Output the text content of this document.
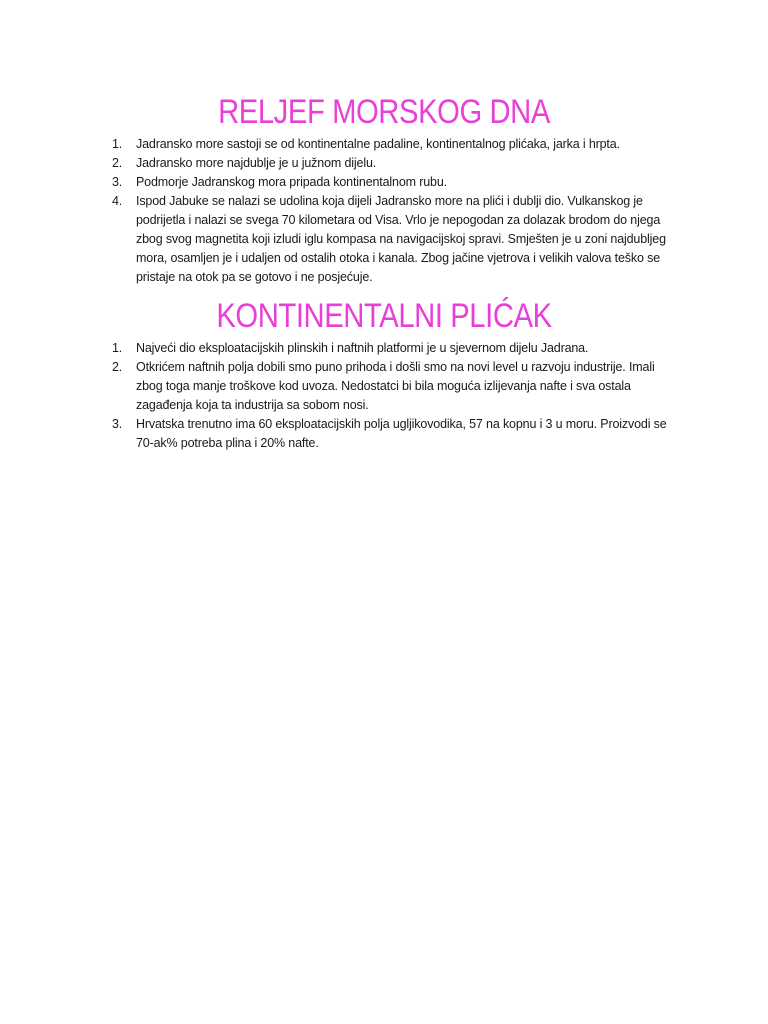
RELJEF MORSKOG DNA
1. Jadransko more sastoji se od kontinentalne padaline, kontinentalnog plićaka, jarka i hrpta.
2. Jadransko more najdublje je u južnom dijelu.
3. Podmorje Jadranskog mora pripada kontinentalnom rubu.
4. Ispod Jabuke se nalazi se udolina koja dijeli Jadransko more na plići i dublji dio. Vulkanskog je podrijetla i nalazi se svega 70 kilometara od Visa. Vrlo je nepogodan za dolazak brodom do njega zbog svog magnetita koji izludi iglu kompasa na navigacijskoj spravi. Smješten je u zoni najdubljeg mora, osamljen je i udaljen od ostalih otoka i kanala. Zbog jačine vjetrova i velikih valova teško se pristaje na otok pa se gotovo i ne posjećuje.
KONTINENTALNI PLIĆAK
1. Najveći dio eksploatacijskih plinskih i naftnih platformi je u sjevernom dijelu Jadrana.
2. Otkrićem naftnih polja dobili smo puno prihoda i došli smo na novi level u razvoju industrije. Imali zbog toga manje troškove kod uvoza. Nedostatci bi bila moguća izlijevanja nafte i sva ostala zagađenja koja ta industrija sa sobom nosi.
3. Hrvatska trenutno ima 60 eksploatacijskih polja ugljikovodika, 57 na kopnu i 3 u moru. Proizvodi se 70-ak% potreba plina i 20% nafte.
